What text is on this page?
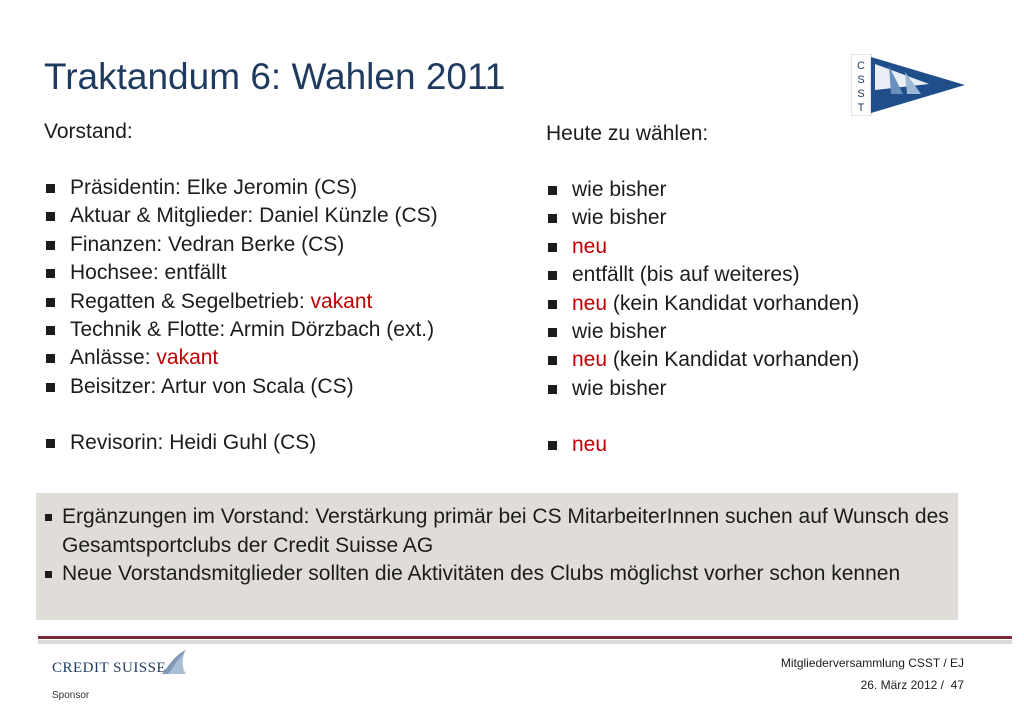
Traktandum 6: Wahlen 2011	C
S
S
T
Vorstand:
Präsidentin: Elke Jeromin (CS)
Aktuar & Mitglieder: Daniel Künzle (CS)
Finanzen: Vedran Berke (CS)
Hochsee: entfällt
Regatten & Segelbetrieb: vakant
Technik & Flotte: Armin Dörzbach (ext.)
Anlässe: vakant
Beisitzer: Artur von Scala (CS)
Revisorin: Heidi Guhl (CS)
Heute zu wählen:
wie bisher
wie bisher
neu
entfällt (bis auf weiteres)
neu (kein Kandidat vorhanden)
wie bisher
neu (kein Kandidat vorhanden)
wie bisher
neu
Ergänzungen im Vorstand: Verstärkung primär bei CS MitarbeiterInnen suchen auf Wunsch des Gesamtsportclubs der Credit Suisse AG
Neue Vorstandsmitglieder sollten die Aktivitäten des Clubs möglichst vorher schon kennen
CREDIT SUISSE
Sponsor
Mitgliederversammlung CSST / EJ
26. März 2012 / 47
